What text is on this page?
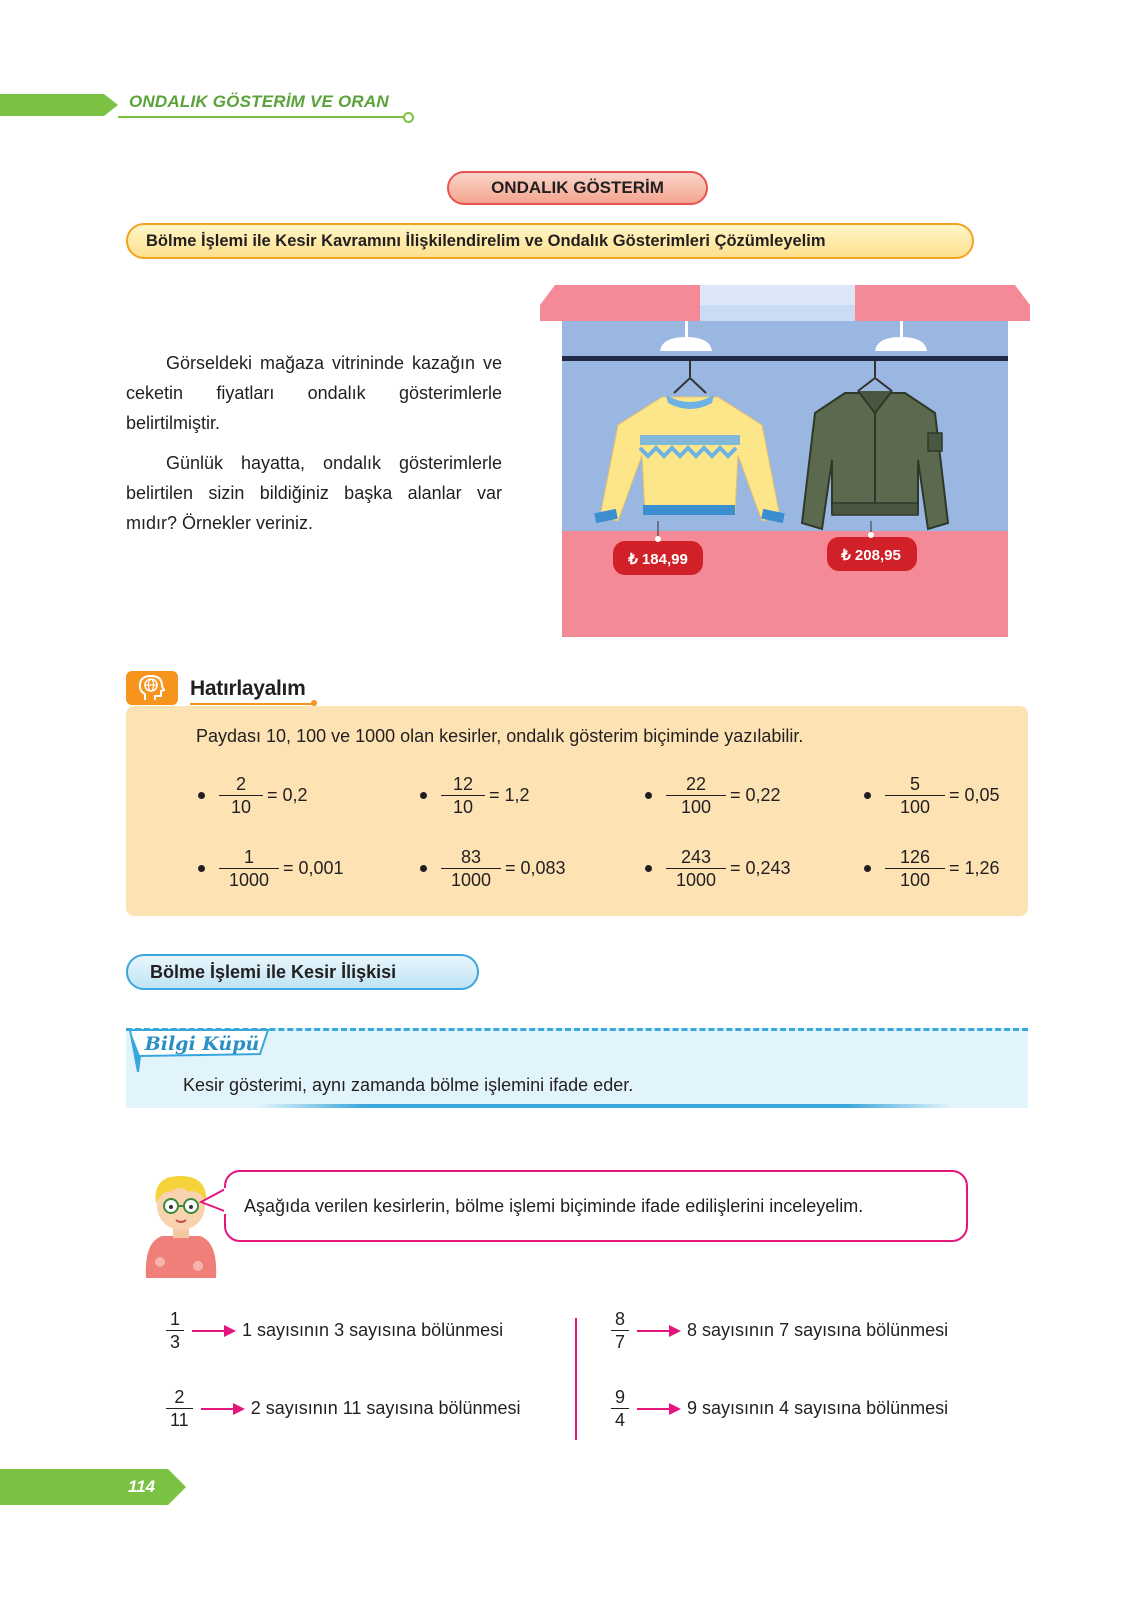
ONDALIK GÖSTERİM VE ORAN
ONDALIK GÖSTERİM
Bölme İşlemi ile Kesir Kavramını İlişkilendirelim ve Ondalık Gösterimleri Çözümleyelim

Görseldeki mağaza vitrininde kazağın ve ceketin fiyatları ondalık gösterimlerle belirtilmiştir.

Günlük hayatta, ondalık gösterimlerle belirtilen sizin bildiğiniz başka alanlar var mıdır? Örnekler veriniz.

₺ 184,99	₺ 208,95
Hatırlayalım
Paydası 10, 100 ve 1000 olan kesirler, ondalık gösterim biçiminde yazılabilir.
$\frac{2}{10} = 0,2$	$\frac{12}{10} = 1,2$	$\frac{22}{100} = 0,22$	$\frac{5}{100} = 0,05$
$\frac{1}{1000} = 0,001$	$\frac{83}{1000} = 0,083$	$\frac{243}{1000} = 0,243$	$\frac{126}{100} = 1,26$
Bölme İşlemi ile Kesir İlişkisi
Bilgi Küpü
Kesir gösterimi, aynı zamanda bölme işlemini ifade eder.
Aşağıda verilen kesirlerin, bölme işlemi biçiminde ifade edilişlerini inceleyelim.
$\frac{1}{3}$	1 sayısının 3 sayısına bölünmesi	$\frac{8}{7}$	8 sayısının 7 sayısına bölünmesi
$\frac{2}{11}$	2 sayısının 11 sayısına bölünmesi	$\frac{9}{4}$	9 sayısının 4 sayısına bölünmesi
114
